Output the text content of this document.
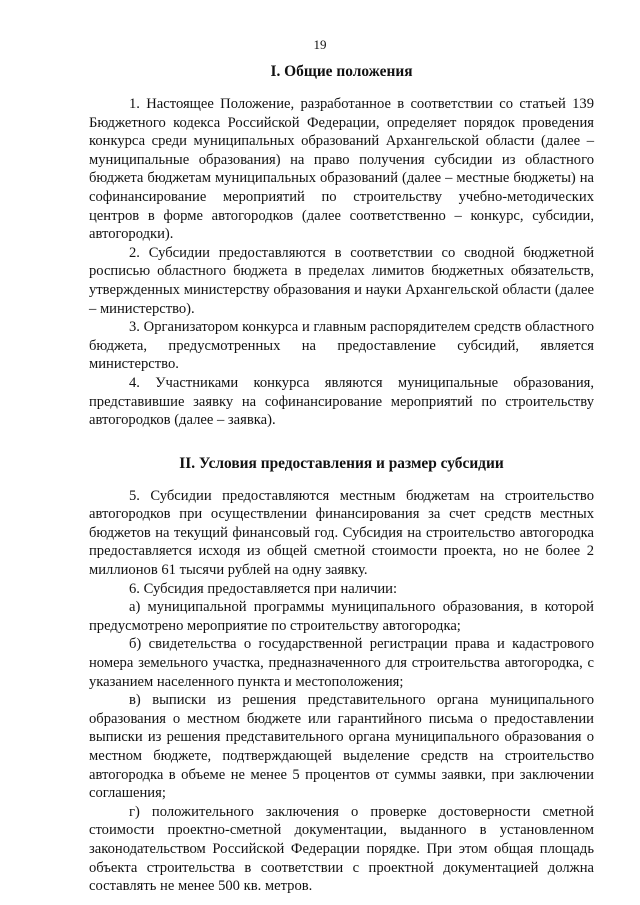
19
I. Общие положения

1. Настоящее Положение, разработанное в соответствии со статьей 139 Бюджетного кодекса Российской Федерации, определяет порядок проведения конкурса среди муниципальных образований Архангельской области (далее – муниципальные образования) на право получения субсидии из областного бюджета бюджетам муниципальных образований (далее – местные бюджеты) на софинансирование мероприятий по строительству учебно-методических центров в форме автогородков (далее соответственно – конкурс, субсидии, автогородки).

2. Субсидии предоставляются в соответствии со сводной бюджетной росписью областного бюджета в пределах лимитов бюджетных обязательств, утвержденных министерству образования и науки Архангельской области (далее – министерство).

3. Организатором конкурса и главным распорядителем средств областного бюджета, предусмотренных на предоставление субсидий, является министерство.

4. Участниками конкурса являются муниципальные образования, представившие заявку на софинансирование мероприятий по строительству автогородков (далее – заявка).

II. Условия предоставления и размер субсидии

5. Субсидии предоставляются местным бюджетам на строительство автогородков при осуществлении финансирования за счет средств местных бюджетов на текущий финансовый год. Субсидия на строительство автогородка предоставляется исходя из общей сметной стоимости проекта, но не более 2 миллионов 61 тысячи рублей на одну заявку.

6. Субсидия предоставляется при наличии:

а) муниципальной программы муниципального образования, в которой предусмотрено мероприятие по строительству автогородка;

б) свидетельства о государственной регистрации права и кадастрового номера земельного участка, предназначенного для строительства автогородка, с указанием населенного пункта и местоположения;

в) выписки из решения представительного органа муниципального образования о местном бюджете или гарантийного письма о предоставлении выписки из решения представительного органа муниципального образования о местном бюджете, подтверждающей выделение средств на строительство автогородка в объеме не менее 5 процентов от суммы заявки, при заключении соглашения;

г) положительного заключения о проверке достоверности сметной стоимости проектно-сметной документации, выданного в установленном законодательством Российской Федерации порядке. При этом общая площадь объекта строительства в соответствии с проектной документацией должна составлять не менее 500 кв. метров.
